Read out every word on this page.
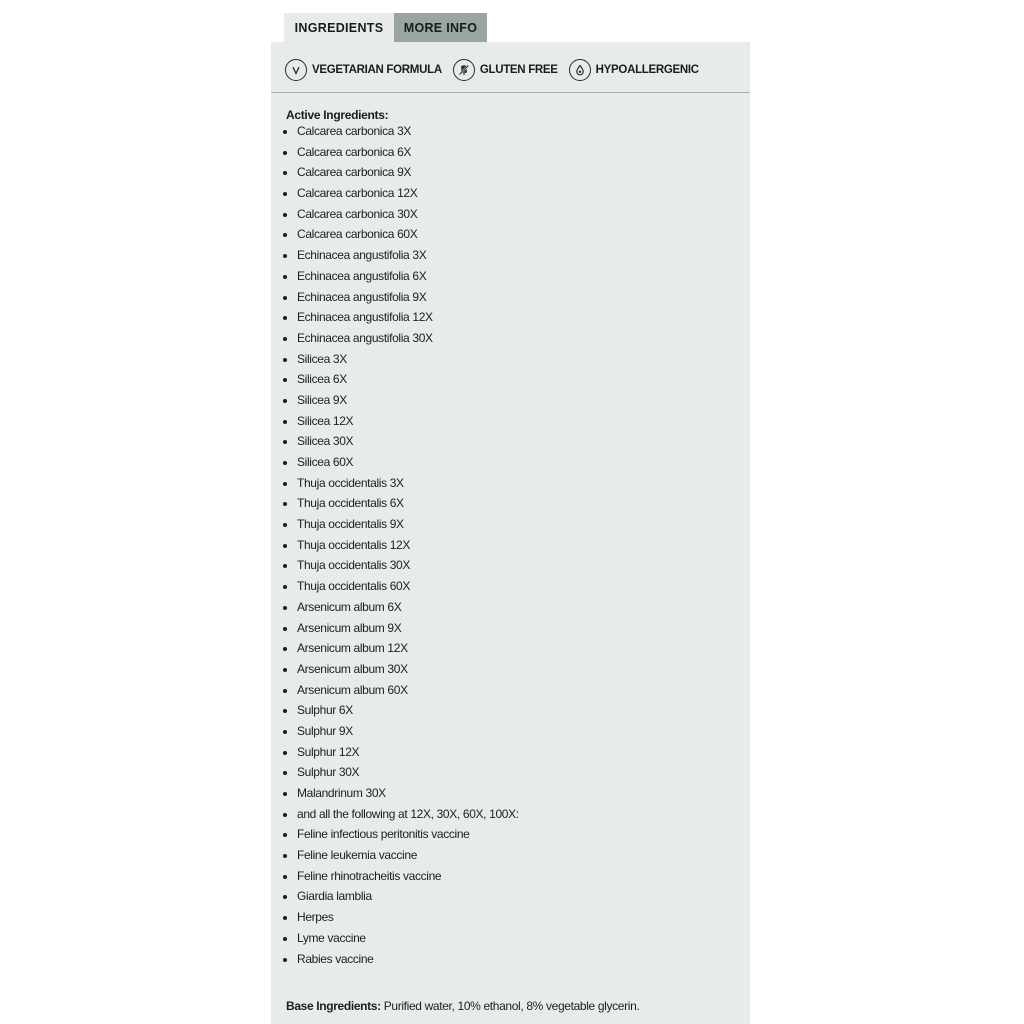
INGREDIENTS	MORE INFO
VEGETARIAN FORMULA	GLUTEN FREE	HYPOALLERGENIC
Active Ingredients:
Calcarea carbonica 3X
Calcarea carbonica 6X
Calcarea carbonica 9X
Calcarea carbonica 12X
Calcarea carbonica 30X
Calcarea carbonica 60X
Echinacea angustifolia 3X
Echinacea angustifolia 6X
Echinacea angustifolia 9X
Echinacea angustifolia 12X
Echinacea angustifolia 30X
Silicea 3X
Silicea 6X
Silicea 9X
Silicea 12X
Silicea 30X
Silicea 60X
Thuja occidentalis 3X
Thuja occidentalis 6X
Thuja occidentalis 9X
Thuja occidentalis 12X
Thuja occidentalis 30X
Thuja occidentalis 60X
Arsenicum album 6X
Arsenicum album 9X
Arsenicum album 12X
Arsenicum album 30X
Arsenicum album 60X
Sulphur 6X
Sulphur 9X
Sulphur 12X
Sulphur 30X
Malandrinum 30X
and all the following at 12X, 30X, 60X, 100X:
Feline infectious peritonitis vaccine
Feline leukemia vaccine
Feline rhinotracheitis vaccine
Giardia lamblia
Herpes
Lyme vaccine
Rabies vaccine
Base Ingredients: Purified water, 10% ethanol, 8% vegetable glycerin.
